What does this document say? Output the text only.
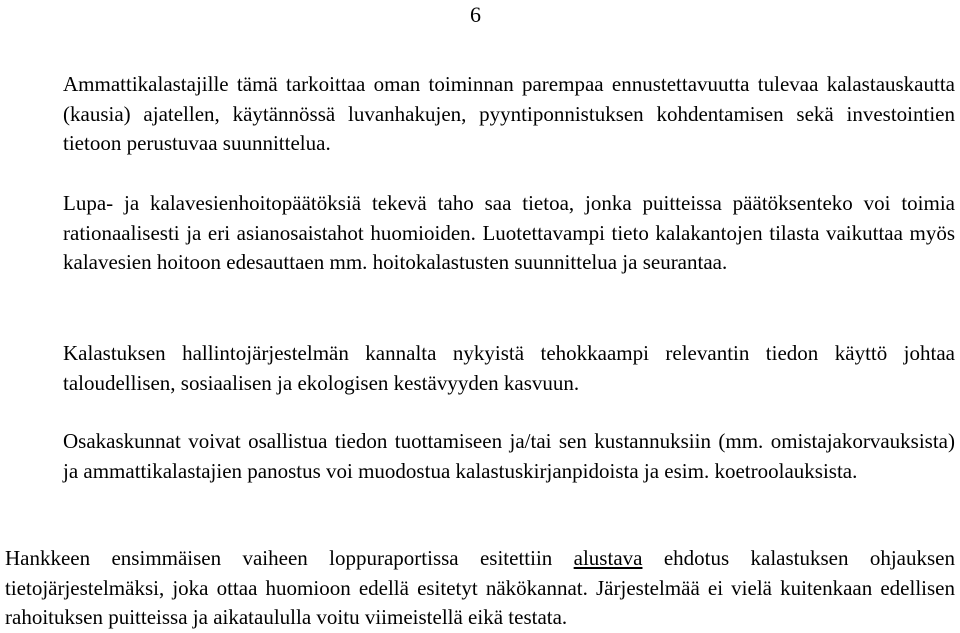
6

Ammattikalastajille tämä tarkoittaa oman toiminnan parempaa ennustettavuutta tulevaa kalastauskautta (kausia) ajatellen, käytännössä luvanhakujen, pyyntiponnistuksen kohdentamisen sekä investointien tietoon perustuvaa suunnittelua.

Lupa- ja kalavesienhoitopäätöksiä tekevä taho saa tietoa, jonka puitteissa päätöksenteko voi toimia rationaalisesti ja eri asianosaistahot huomioiden. Luotettavampi tieto kalakantojen tilasta vaikuttaa myös kalavesien hoitoon edesauttaen mm. hoitokalastusten suunnittelua ja seurantaa.

Kalastuksen hallintojärjestelmän kannalta nykyistä tehokkaampi relevantin tiedon käyttö johtaa taloudellisen, sosiaalisen ja ekologisen kestävyyden kasvuun.

Osakaskunnat voivat osallistua tiedon tuottamiseen ja/tai sen kustannuksiin (mm. omistajakorvauksista) ja ammattikalastajien panostus voi muodostua kalastuskirjanpidoista ja esim. koetroolauksista.

Hankkeen ensimmäisen vaiheen loppuraportissa esitettiin alustava ehdotus kalastuksen ohjauksen tietojärjestelmäksi, joka ottaa huomioon edellä esitetyt näkökannat. Järjestelmää ei vielä kuitenkaan edellisen rahoituksen puitteissa ja aikataululla voitu viimeistellä eikä testata.
